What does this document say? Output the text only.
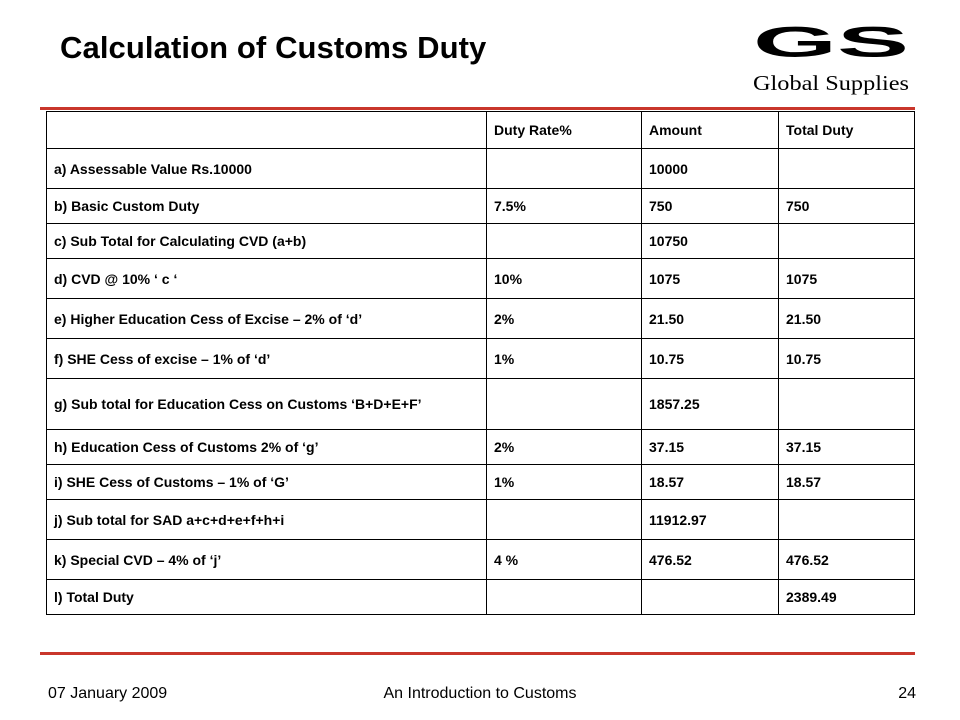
Calculation of Customs Duty	GS
Global Supplies
	Duty Rate%	Amount	Total Duty
a) Assessable Value Rs.10000		10000	
b) Basic Custom Duty	7.5%	750	750
c) Sub Total for Calculating CVD (a+b)		10750	
d) CVD @ 10% ‘ c ‘	10%	1075	1075
e) Higher Education Cess of Excise – 2% of ‘d’	2%	21.50	21.50
f) SHE Cess of excise – 1% of ‘d’	1%	10.75	10.75
g) Sub total for Education Cess on Customs ‘B+D+E+F’		1857.25	
h) Education Cess of Customs 2% of ‘g’	2%	37.15	37.15
i) SHE Cess of Customs – 1% of ‘G’	1%	18.57	18.57
j) Sub total for SAD a+c+d+e+f+h+i		11912.97	
k) Special CVD – 4% of ‘j’	4 %	476.52	476.52
l) Total Duty			2389.49
07 January 2009	An Introduction to Customs	24
